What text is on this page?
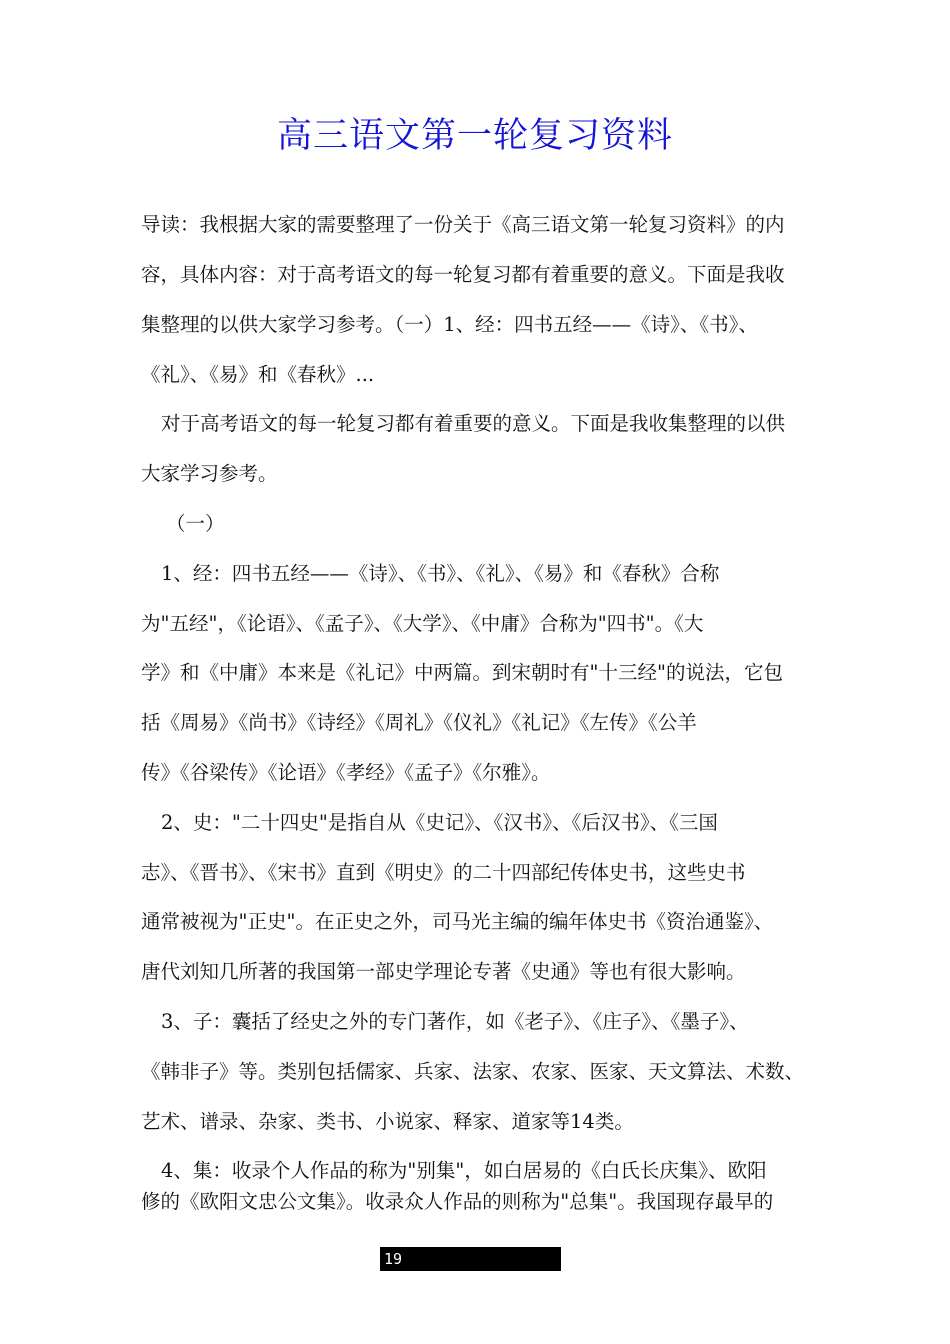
高三语文第一轮复习资料
导读：我根据大家的需要整理了一份关于《高三语文第一轮复习资料》的内
容，具体内容：对于高考语文的每一轮复习都有着重要的意义。下面是我收
集整理的以供大家学习参考。（一）1、经：四书五经——《诗》、《书》、
《礼》、《易》和《春秋》...
对于高考语文的每一轮复习都有着重要的意义。下面是我收集整理的以供
大家学习参考。
（一）
1、经：四书五经——《诗》、《书》、《礼》、《易》和《春秋》合称
为"五经"，《论语》、《孟子》、《大学》、《中庸》合称为"四书"。《大
学》和《中庸》本来是《礼记》中两篇。到宋朝时有"十三经"的说法，它包
括《周易》《尚书》《诗经》《周礼》《仪礼》《礼记》《左传》《公羊
传》《谷梁传》《论语》《孝经》《孟子》《尔雅》。
2、史："二十四史"是指自从《史记》、《汉书》、《后汉书》、《三国
志》、《晋书》、《宋书》直到《明史》的二十四部纪传体史书，这些史书
通常被视为"正史"。在正史之外，司马光主编的编年体史书《资治通鉴》、
唐代刘知几所著的我国第一部史学理论专著《史通》等也有很大影响。
3、子：囊括了经史之外的专门著作，如《老子》、《庄子》、《墨子》、
《韩非子》等。类别包括儒家、兵家、法家、农家、医家、天文算法、术数、
艺术、谱录、杂家、类书、小说家、释家、道家等14类。
4、集：收录个人作品的称为"别集"，如白居易的《白氏长庆集》、欧阳
修的《欧阳文忠公文集》。收录众人作品的则称为"总集"。我国现存最早的
19
